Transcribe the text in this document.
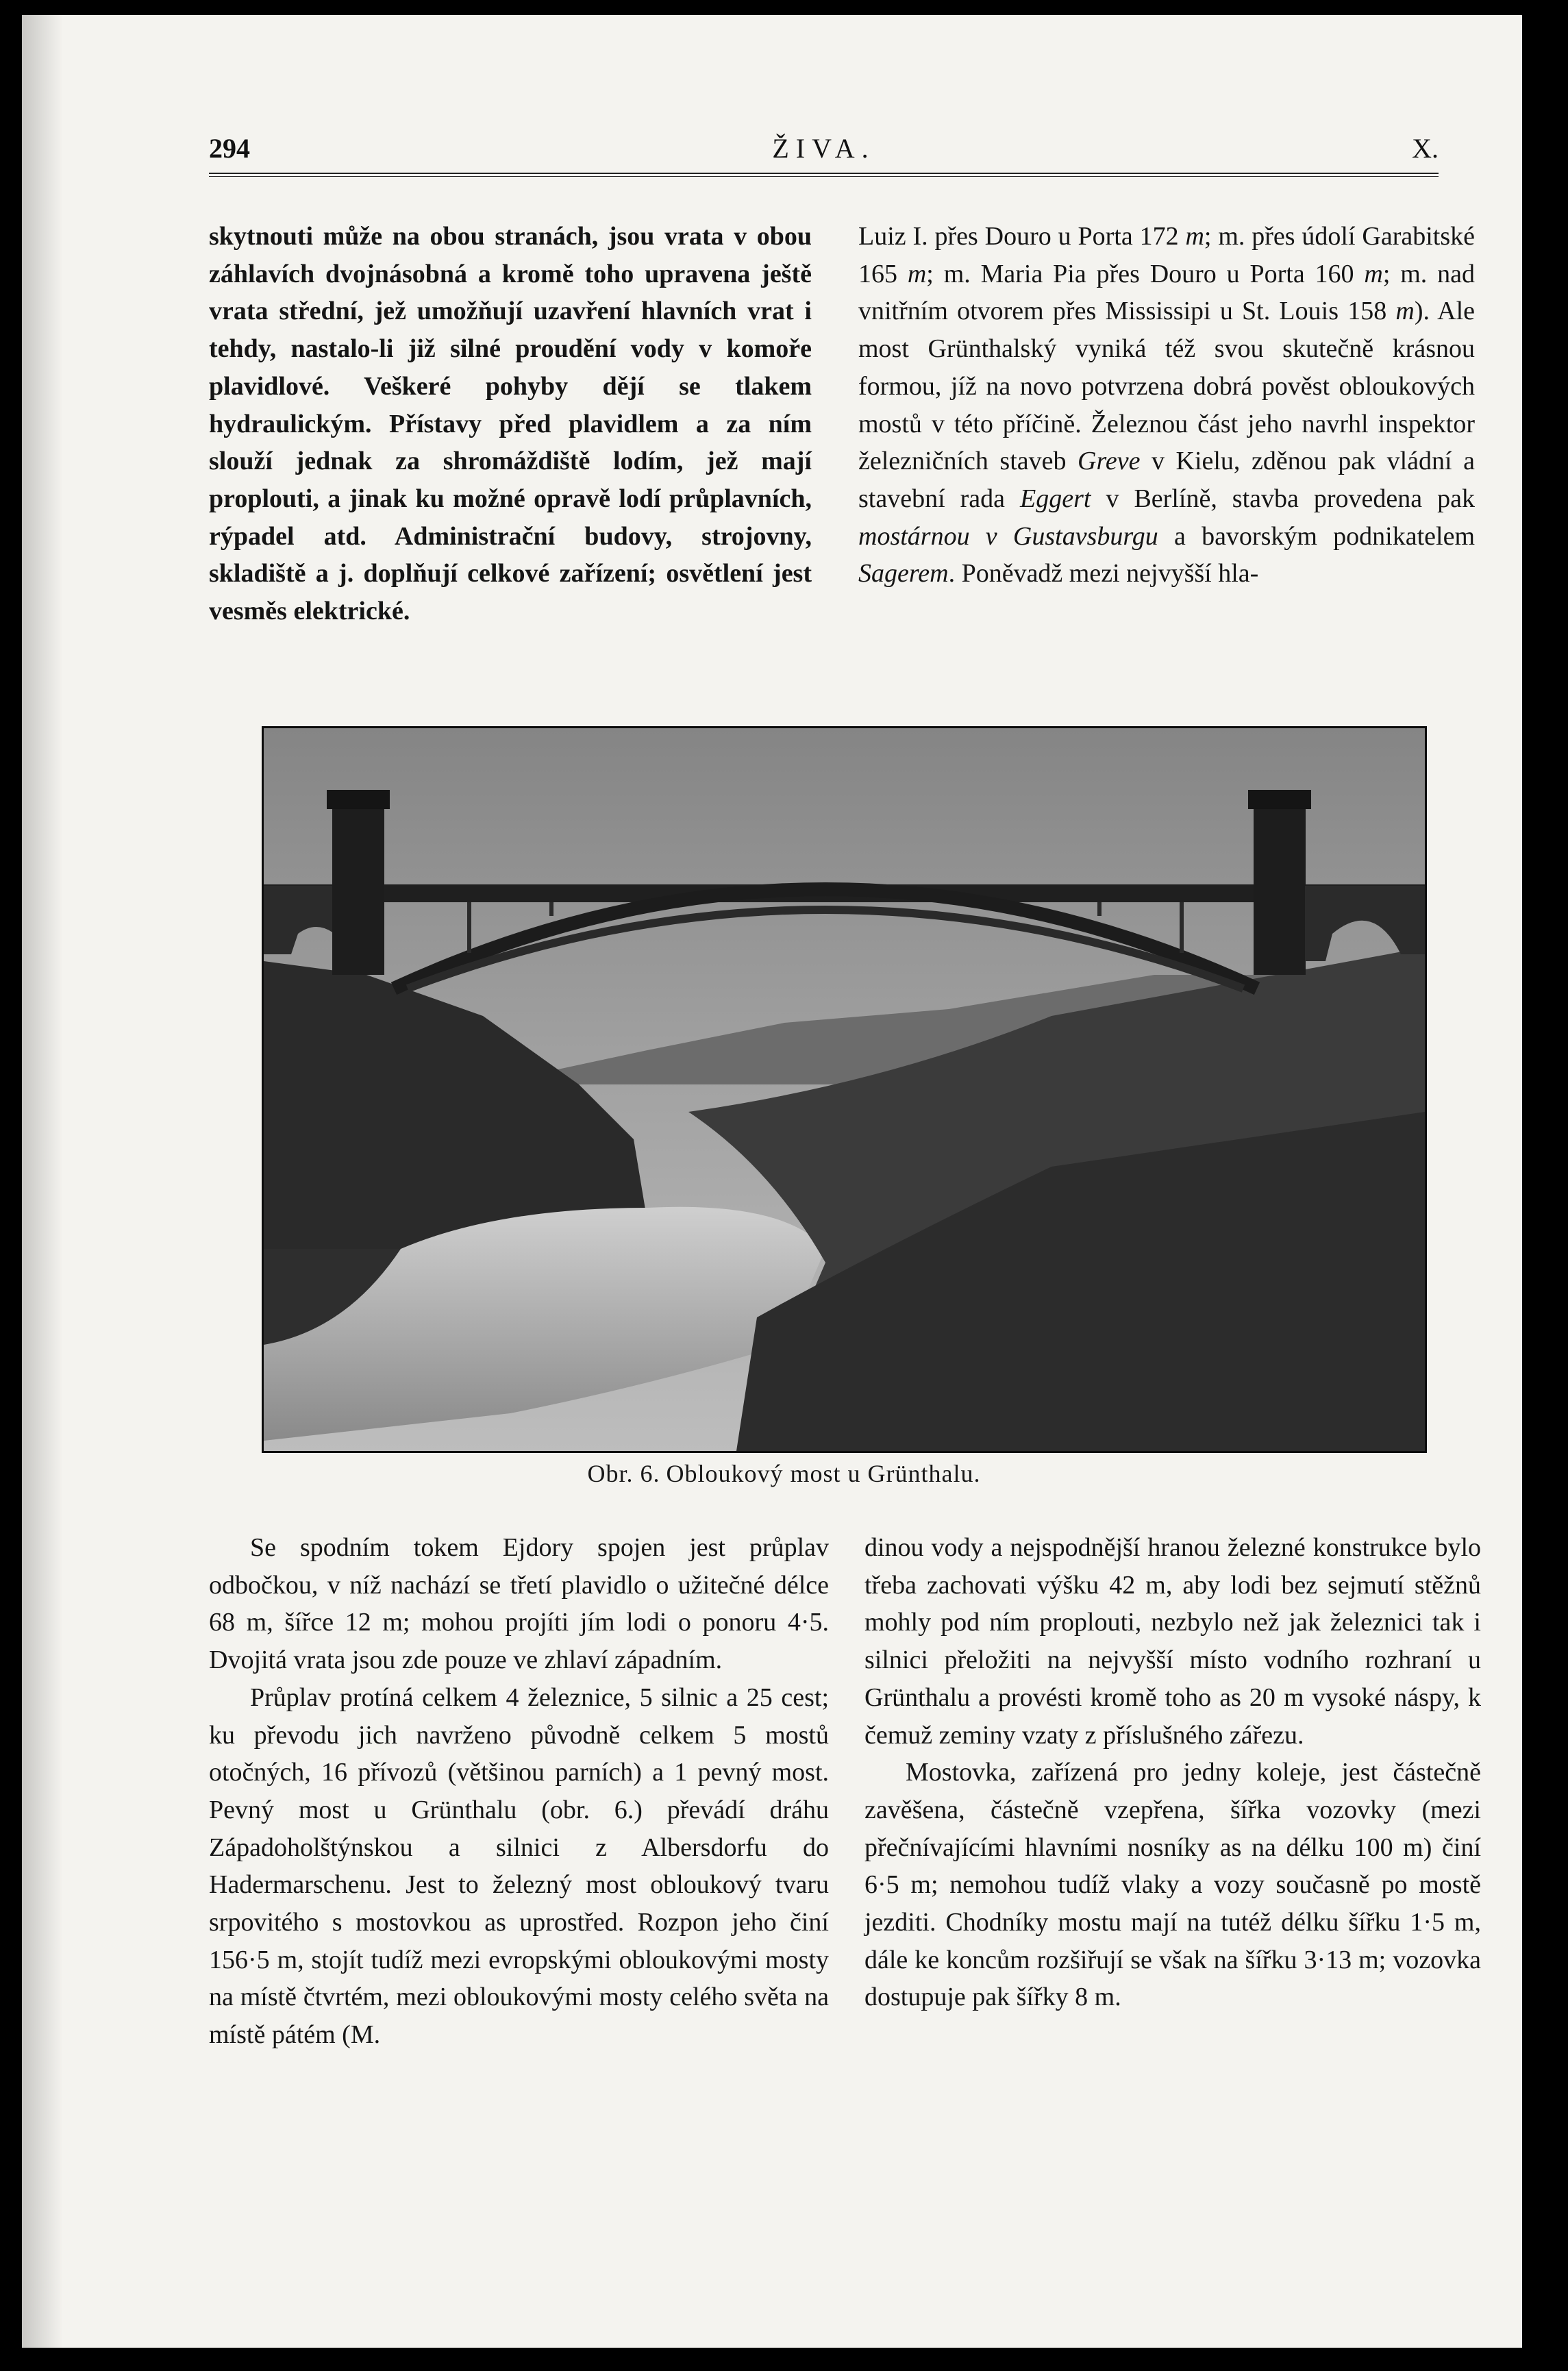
294	ŽIVA.	X.

skytnouti může na obou stranách, jsou vrata v obou záhlavích dvojnásobná a kromě toho upravena ještě vrata střední, jež umožňují uzavření hlavních vrat i tehdy, nastalo-li již silné proudění vody v komoře plavidlové. Veškeré pohyby dějí se tlakem hydraulickým. Přístavy před plavidlem a za ním slouží jednak za shromáždiště lodím, jež mají proplouti, a jinak ku možné opravě lodí průplavních, rýpadel atd. Administrační budovy, strojovny, skladiště a j. doplňují celkové zařízení; osvětlení jest vesměs elektrické.

Luiz I. přes Douro u Porta 172 m; m. přes údolí Garabitské 165 m; m. Maria Pia přes Douro u Porta 160 m; m. nad vnitřním otvorem přes Mississipi u St. Louis 158 m). Ale most Grünthalský vyniká též svou skutečně krásnou formou, jíž na novo potvrzena dobrá pověst obloukových mostů v této příčině. Železnou část jeho navrhl inspektor železničních staveb Greve v Kielu, zděnou pak vládní a stavební rada Eggert v Berlíně, stavba provedena pak mostárnou v Gustavsburgu a bavorským podnikatelem Sagerem. Poněvadž mezi nejvyšší hla-

Obr. 6. Obloukový most u Grünthalu.

Se spodním tokem Ejdory spojen jest průplav odbočkou, v níž nachází se třetí plavidlo o užitečné délce 68 m, šířce 12 m; mohou projíti jím lodi o ponoru 4·5. Dvojitá vrata jsou zde pouze ve zhlaví západním.

Průplav protíná celkem 4 železnice, 5 silnic a 25 cest; ku převodu jich navrženo původně celkem 5 mostů otočných, 16 přívozů (většinou parních) a 1 pevný most. Pevný most u Grünthalu (obr. 6.) převádí dráhu Západoholštýnskou a silnici z Albersdorfu do Hadermarschenu. Jest to železný most obloukový tvaru srpovitého s mostovkou as uprostřed. Rozpon jeho činí 156·5 m, stojít tudíž mezi evropskými obloukovými mosty na místě čtvrtém, mezi obloukovými mosty celého světa na místě pátém (M.

dinou vody a nejspodnější hranou železné konstrukce bylo třeba zachovati výšku 42 m, aby lodi bez sejmutí stěžnů mohly pod ním proplouti, nezbylo než jak železnici tak i silnici přeložiti na nejvyšší místo vodního rozhraní u Grünthalu a provésti kromě toho as 20 m vysoké náspy, k čemuž zeminy vzaty z příslušného zářezu.

Mostovka, zařízená pro jedny koleje, jest částečně zavěšena, částečně vzepřena, šířka vozovky (mezi přečnívajícími hlavními nosníky as na délku 100 m) činí 6·5 m; nemohou tudíž vlaky a vozy současně po mostě jezditi. Chodníky mostu mají na tutéž délku šířku 1·5 m, dále ke koncům rozšiřují se však na šířku 3·13 m; vozovka dostupuje pak šířky 8 m.
